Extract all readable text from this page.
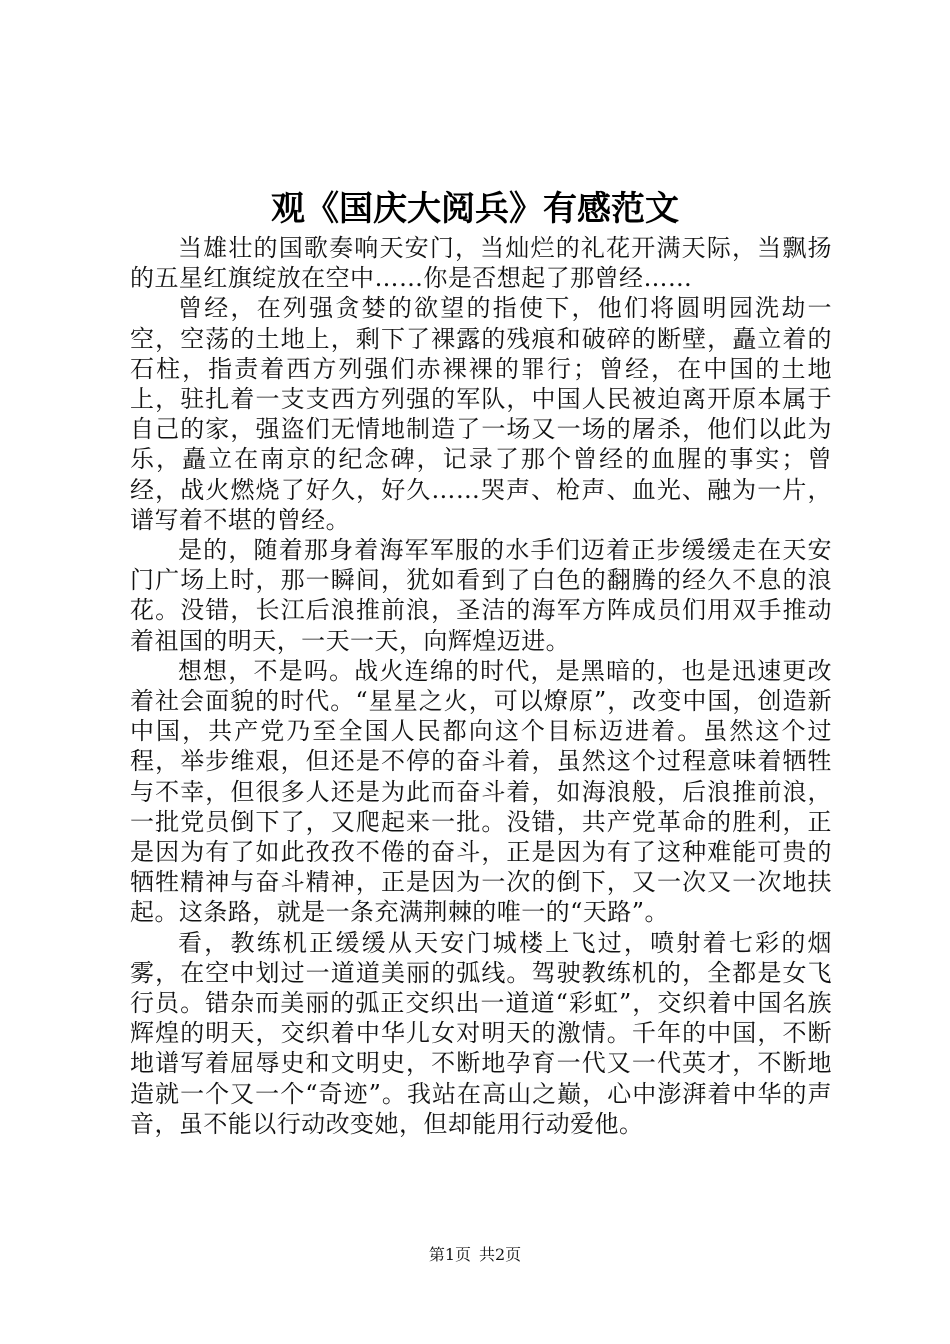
观《国庆大阅兵》有感范文

当雄壮的国歌奏响天安门，当灿烂的礼花开满天际，当飘扬的五星红旗绽放在空中……你是否想起了那曾经……

曾经，在列强贪婪的欲望的指使下，他们将圆明园洗劫一空，空荡的土地上，剩下了裸露的残痕和破碎的断壁，矗立着的石柱，指责着西方列强们赤裸裸的罪行；曾经，在中国的土地上，驻扎着一支支西方列强的军队，中国人民被迫离开原本属于自己的家，强盗们无情地制造了一场又一场的屠杀，他们以此为乐，矗立在南京的纪念碑，记录了那个曾经的血腥的事实；曾经，战火燃烧了好久，好久……哭声、枪声、血光、融为一片，谱写着不堪的曾经。

是的，随着那身着海军军服的水手们迈着正步缓缓走在天安门广场上时，那一瞬间，犹如看到了白色的翻腾的经久不息的浪花。没错，长江后浪推前浪，圣洁的海军方阵成员们用双手推动着祖国的明天，一天一天，向辉煌迈进。

想想，不是吗。战火连绵的时代，是黑暗的，也是迅速更改着社会面貌的时代。“星星之火，可以燎原”，改变中国，创造新中国，共产党乃至全国人民都向这个目标迈进着。虽然这个过程，举步维艰，但还是不停的奋斗着，虽然这个过程意味着牺牲与不幸，但很多人还是为此而奋斗着，如海浪般，后浪推前浪，一批党员倒下了，又爬起来一批。没错，共产党革命的胜利，正是因为有了如此孜孜不倦的奋斗，正是因为有了这种难能可贵的牺牲精神与奋斗精神，正是因为一次的倒下，又一次又一次地扶起。这条路，就是一条充满荆棘的唯一的“天路”。

看，教练机正缓缓从天安门城楼上飞过，喷射着七彩的烟雾，在空中划过一道道美丽的弧线。驾驶教练机的，全都是女飞行员。错杂而美丽的弧正交织出一道道“彩虹”，交织着中国名族辉煌的明天，交织着中华儿女对明天的激情。千年的中国，不断地谱写着屈辱史和文明史，不断地孕育一代又一代英才，不断地造就一个又一个“奇迹”。我站在高山之巅，心中澎湃着中华的声音，虽不能以行动改变她，但却能用行动爱他。

第1页 共2页
